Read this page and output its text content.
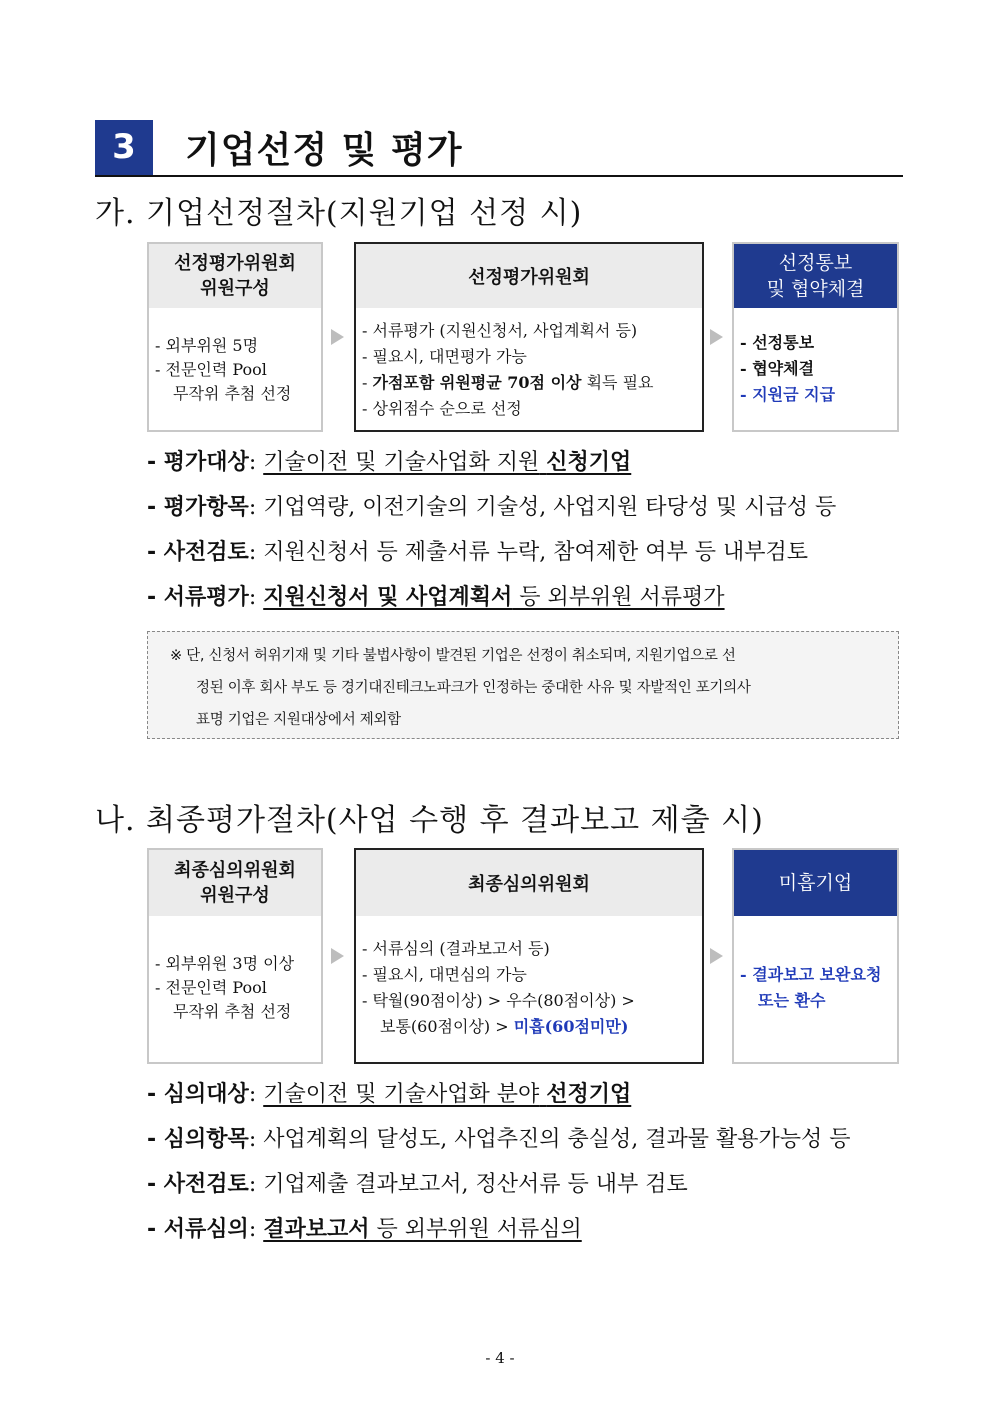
3	기업선정 및 평가
가. 기업선정절차(지원기업 선정 시)
선정평가위원회
위원구성
- 외부위원 5명
- 전문인력 Pool
무작위 추첨 선정
선정평가위원회
- 서류평가 (지원신청서, 사업계획서 등)
- 필요시, 대면평가 가능
- 가점포함 위원평균 70점 이상 획득 필요
- 상위점수 순으로 선정
선정통보
및 협약체결
- 선정통보
- 협약체결
- 지원금 지급
- 평가대상: 기술이전 및 기술사업화 지원 신청기업
- 평가항목: 기업역량, 이전기술의 기술성, 사업지원 타당성 및 시급성 등
- 사전검토: 지원신청서 등 제출서류 누락, 참여제한 여부 등 내부검토
- 서류평가: 지원신청서 및 사업계획서 등 외부위원 서류평가
※ 단, 신청서 허위기재 및 기타 불법사항이 발견된 기업은 선정이 취소되며, 지원기업으로 선
정된 이후 회사 부도 등 경기대진테크노파크가 인정하는 중대한 사유 및 자발적인 포기의사
표명 기업은 지원대상에서 제외함
나. 최종평가절차(사업 수행 후 결과보고 제출 시)
최종심의위원회
위원구성
- 외부위원 3명 이상
- 전문인력 Pool
무작위 추첨 선정
최종심의위원회
- 서류심의 (결과보고서 등)
- 필요시, 대면심의 가능
- 탁월(90점이상) > 우수(80점이상) >
보통(60점이상) > 미흡(60점미만)
미흡기업
- 결과보고 보완요청
또는 환수
- 심의대상: 기술이전 및 기술사업화 분야 선정기업
- 심의항목: 사업계획의 달성도, 사업추진의 충실성, 결과물 활용가능성 등
- 사전검토: 기업제출 결과보고서, 정산서류 등 내부 검토
- 서류심의: 결과보고서 등 외부위원 서류심의
- 4 -
